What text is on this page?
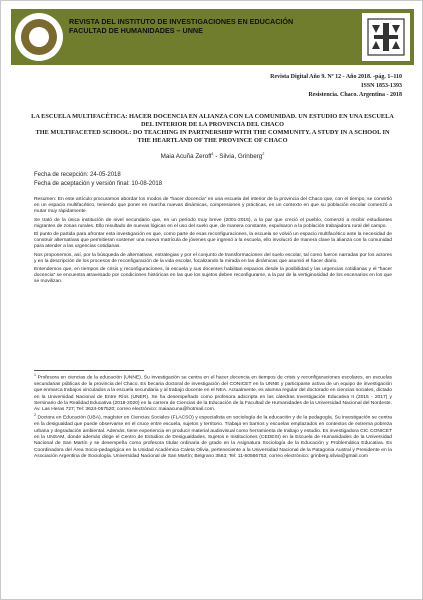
REVISTA DEL INSTITUTO DE INVESTIGACIONES EN EDUCACIÓN
FACULTAD DE HUMANIDADES – UNNE
Revista Digital Año 9. Nº 12 - Año 2018. -pág. 1–110
ISSN 1853-1393
Resistencia. Chaco. Argentina - 2018
LA ESCUELA MULTIFACÉTICA: HACER DOCENCIA EN ALIANZA CON LA COMUNIDAD. UN ESTUDIO EN UNA ESCUELA DEL INTERIOR DE LA PROVINCIA DEL CHACO
THE MULTIFACETED SCHOOL: DO TEACHING IN PARTNERSHIP WITH THE COMMUNITY. A STUDY IN A SCHOOL IN THE HEARTLAND OF THE PROVINCE OF CHACO
Maia Acuña Zeroff$^1$ - Silvia, Grinberg$^2$
Fecha de recepción: 24-05-2018
Fecha de aceptación y versión final: 10-08-2018

Resumen: En este artículo procuramos abordar los modos de “hacer docencia” en una escuela del interior de la provincia del Chaco que, con el tiempo, se convirtió en un espacio multifacético, teniendo que poner en marcha nuevas dinámicas, compresiones y prácticas, en un contexto en que su población escolar comenzó a mutar muy rápidamente.

Se trató de la única institución de nivel secundario que, en un período muy breve (2001-2016), a la par que creció el pueblo, comenzó a recibir estudiantes migrantes de zonas rurales. Ello resultado de nuevas lógicas en el uso del suelo que, de manera constante, expulsaron a la población trabajadora rural del campo.

El punto de partida para afrontar esta investigación es que, como parte de esas reconfiguraciones, la escuela se volvió un espacio multifacético ante la necesidad de construir alternativas que permitieran sostener una nueva matrícula de jóvenes que ingresó a la escuela, ello involucró de manera clave la alianza con la comunidad para atender a las urgencias cotidianas.

Nos proponemos, así, por la búsqueda de alternativas, estrategias y por el conjunto de transformaciones del suelo escolar, tal como fueron narradas por los actores y en la descripción de los procesos de reconfiguración de la vida escolar, focalizando la mirada en las dinámicas que asumió el hacer diario.

Entendemos que, en tiempos de crisis y reconfiguraciones, la escuela y sus docentes habilitan espacios desde la posibilidad y las urgencias cotidianas y el “hacer docencia” se encuentra atravesado por condiciones históricas en las que los sujetos deben reconfigurarse, a la par de la vertiginosidad de los escenarios en los que se movilizan.

$^1$ Profesora en ciencias de la educación (UNNE). Su investigación se centra en el hacer docencia en tiempos de crisis y reconfiguraciones escolares, en escuelas secundarias públicas de la provincia del Chaco. Es becaria doctoral de investigación del CONICET en la UNNE y participante activa de un equipo de investigación que enmarca trabajos vinculados a la escuela secundaria y al trabajo docente en el NEA. Actualmente, es alumna regular del doctorado en ciencias sociales, dictado en la Universidad Nacional de Entre Ríos (UNER). Se ha desempeñado como profesora adscripta en las cátedras Investigación Educativa II (2015 - 2017) y Seminario de la Realidad Educativa (2018-2020) en la carrera de Ciencias de la Educación de la Facultad de Humanidades de la Universidad Nacional del Nordeste. Av. Las Heras 727; Tel: 3624-057520; correo electrónico: maiaacuna@hotmail.com.

$^2$ Doctora en Educación (UBA), magíster en Ciencias Sociales (FLACSO) y especialista en sociología de la educación y de la pedagogía. Su investigación se centra en la desigualdad que puede observarse en el cruce entre escuela, sujetos y territorio. Trabaja en barrios y escuelas emplazados en contextos de extrema pobreza urbana y degradación ambiental. Además, tiene experiencia en producir material audiovisual como herramienta de trabajo y estudio. Es investigadora CIC CONICET en la UNSAM, donde además dirige el Centro de Estudios de Desigualdades, Sujetos e Instituciones (CEDESI) en la Escuela de Humanidades de la Universidad Nacional de San Martín y se desempeña como profesora titular ordinaria de grado en la Asignatura Sociología de la Educación y Problemática Educativa. Es Coordinadora del Área Socio-pedagógica en la Unidad Académica Caleta Olivia, perteneciente a la Universidad Nacional de la Patagonia Austral y Presidente en la Asociación Argentina de Sociología. Universidad Nacional de San Martín; Belgrano 3563; Tel: 11-50566753; correo electrónico: grinberg.silvia@gmail.com
